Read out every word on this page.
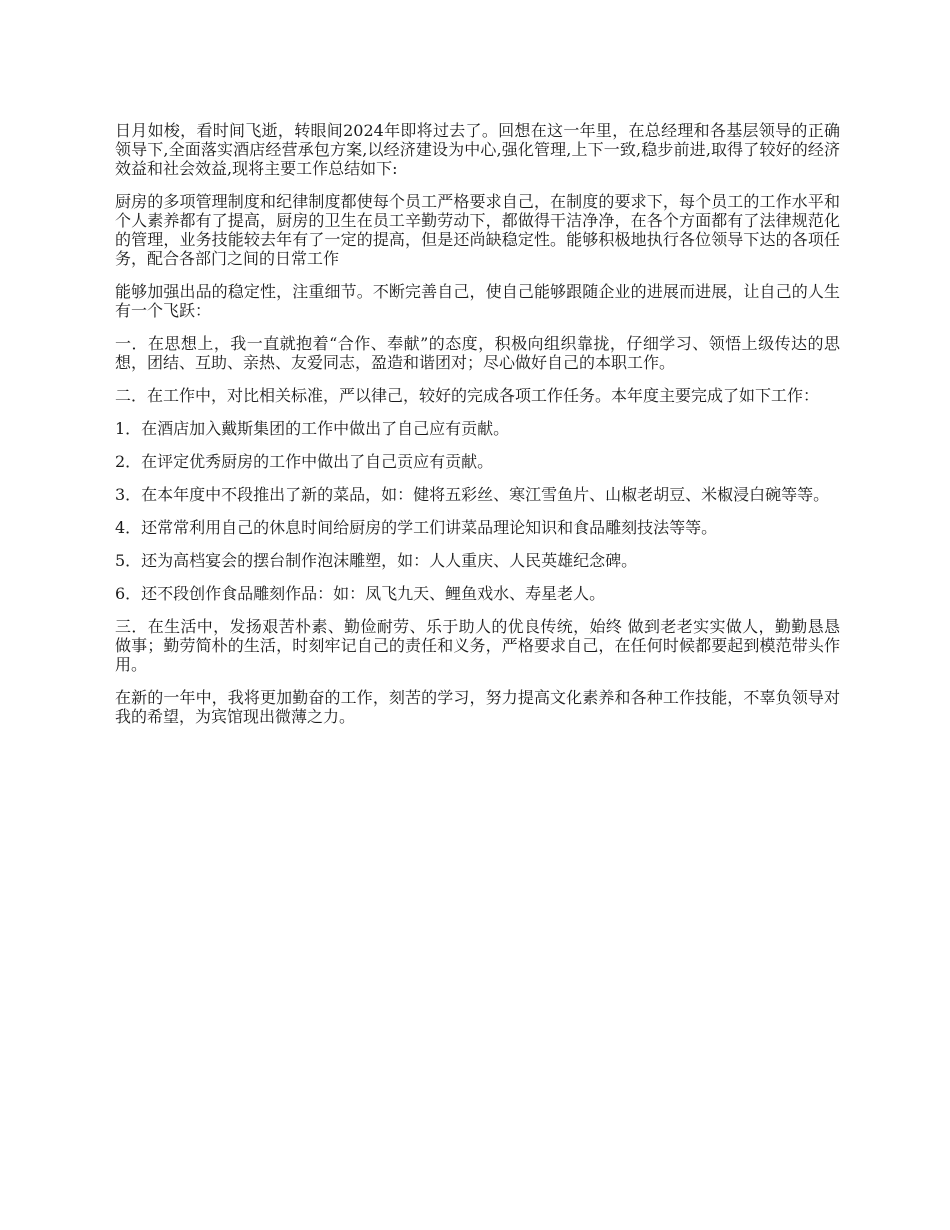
日月如梭，看时间飞逝，转眼间2024年即将过去了。回想在这一年里，在总经理和各基层领导的正确领导下,全面落实酒店经营承包方案,以经济建设为中心,强化管理,上下一致,稳步前进,取得了较好的经济效益和社会效益,现将主要工作总结如下:

厨房的多项管理制度和纪律制度都使每个员工严格要求自己，在制度的要求下，每个员工的工作水平和个人素养都有了提高，厨房的卫生在员工辛勤劳动下，都做得干洁净净，在各个方面都有了法律规范化的管理，业务技能较去年有了一定的提高，但是还尚缺稳定性。能够积极地执行各位领导下达的各项任务，配合各部门之间的日常工作

能够加强出品的稳定性，注重细节。不断完善自己，使自己能够跟随企业的进展而进展，让自己的人生有一个飞跃：

一．在思想上，我一直就抱着“合作、奉献”的态度，积极向组织靠拢，仔细学习、领悟上级传达的思想，团结、互助、亲热、友爱同志，盈造和谐团对；尽心做好自己的本职工作。

二．在工作中，对比相关标准，严以律己，较好的完成各项工作任务。本年度主要完成了如下工作：

1．在酒店加入戴斯集团的工作中做出了自己应有贡献。

2．在评定优秀厨房的工作中做出了自己贡应有贡献。

3．在本年度中不段推出了新的菜品，如：健将五彩丝、寒江雪鱼片、山椒老胡豆、米椒浸白碗等等。

4．还常常利用自己的休息时间给厨房的学工们讲菜品理论知识和食品雕刻技法等等。

5．还为高档宴会的摆台制作泡沫雕塑，如：人人重庆、人民英雄纪念碑。

6．还不段创作食品雕刻作品：如：凤飞九天、鲤鱼戏水、寿星老人。

三．在生活中，发扬艰苦朴素、勤俭耐劳、乐于助人的优良传统，始终 做到老老实实做人，勤勤恳恳做事；勤劳简朴的生活，时刻牢记自己的责任和义务，严格要求自己，在任何时候都要起到模范带头作用。

在新的一年中，我将更加勤奋的工作，刻苦的学习，努力提高文化素养和各种工作技能，不辜负领导对我的希望，为宾馆现出微薄之力。
